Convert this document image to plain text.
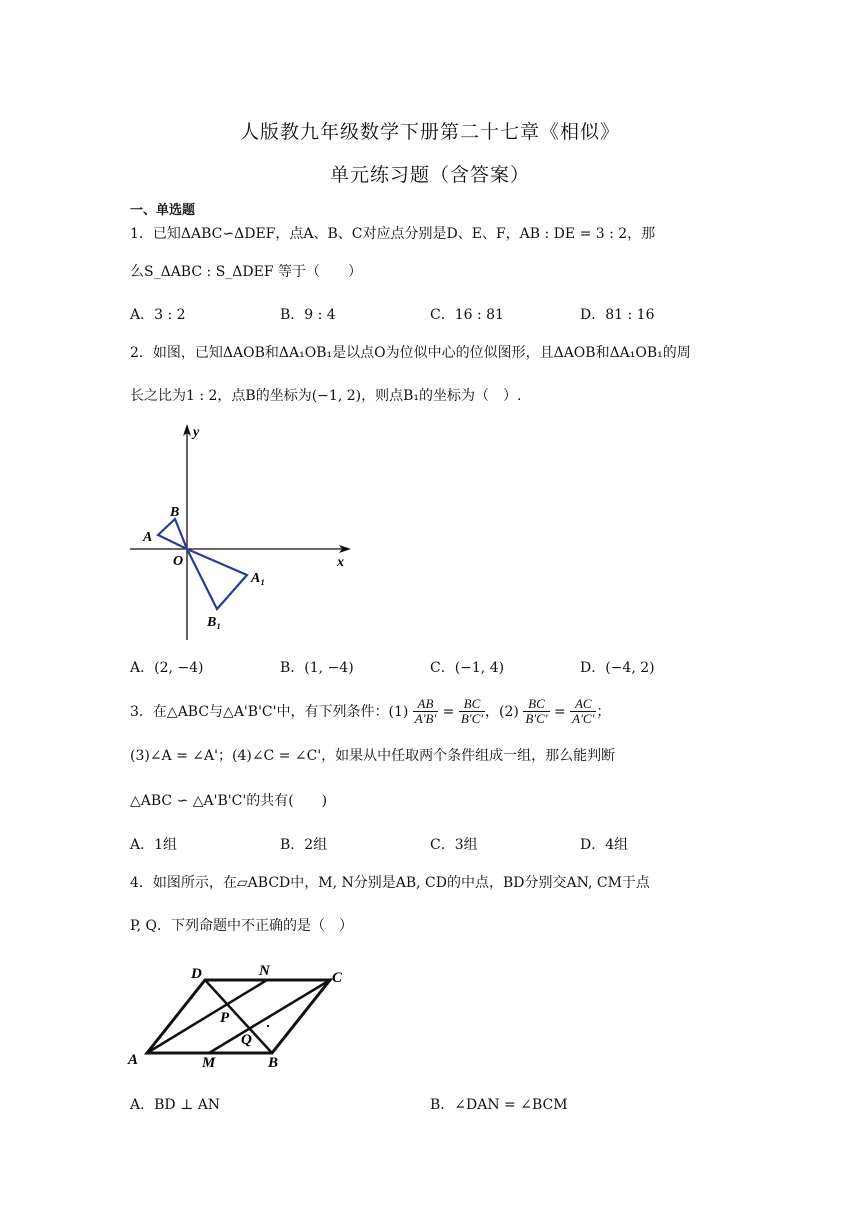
人版教九年级数学下册第二十七章《相似》
单元练习题（含答案）
一、单选题
1．已知ΔABC∽ΔDEF，点A、B、C对应点分别是D、E、F，AB : DE = 3 : 2，那
么S_ΔABC : S_ΔDEF 等于（　　）
A．3 : 2	B．9 : 4	C．16 : 81	D．81 : 16
2．如图，已知ΔAOB和ΔA₁OB₁是以点O为位似中心的位似图形，且ΔAOB和ΔA₁OB₁的周
长之比为1 : 2，点B的坐标为(−1, 2)，则点B₁的坐标为（　）.
y
x
O
A
B
A₁
B₁
A．(2, −4)	B．(1, −4)	C．(−1, 4)	D．(−4, 2)
3．在△ABC与△A'B'C'中，有下列条件：$(1) \frac{AB}{A'B'} = \frac{BC}{B'C'}$ ，$(2) \frac{BC}{B'C'} = \frac{AC}{A'C'}$ ；
(3)∠A = ∠A'；(4)∠C = ∠C'，如果从中任取两个条件组成一组，那么能判断
△ABC ∽ △A'B'C'的共有(　　)
A．1组	B．2组	C．3组	D．4组
4．如图所示，在▱ABCD中，M, N分别是AB, CD的中点，BD分别交AN, CM于点
P, Q．下列命题中不正确的是（　）
D	N	C
P
Q
A	M	B
A．BD ⊥ AN	B．∠DAN = ∠BCM
